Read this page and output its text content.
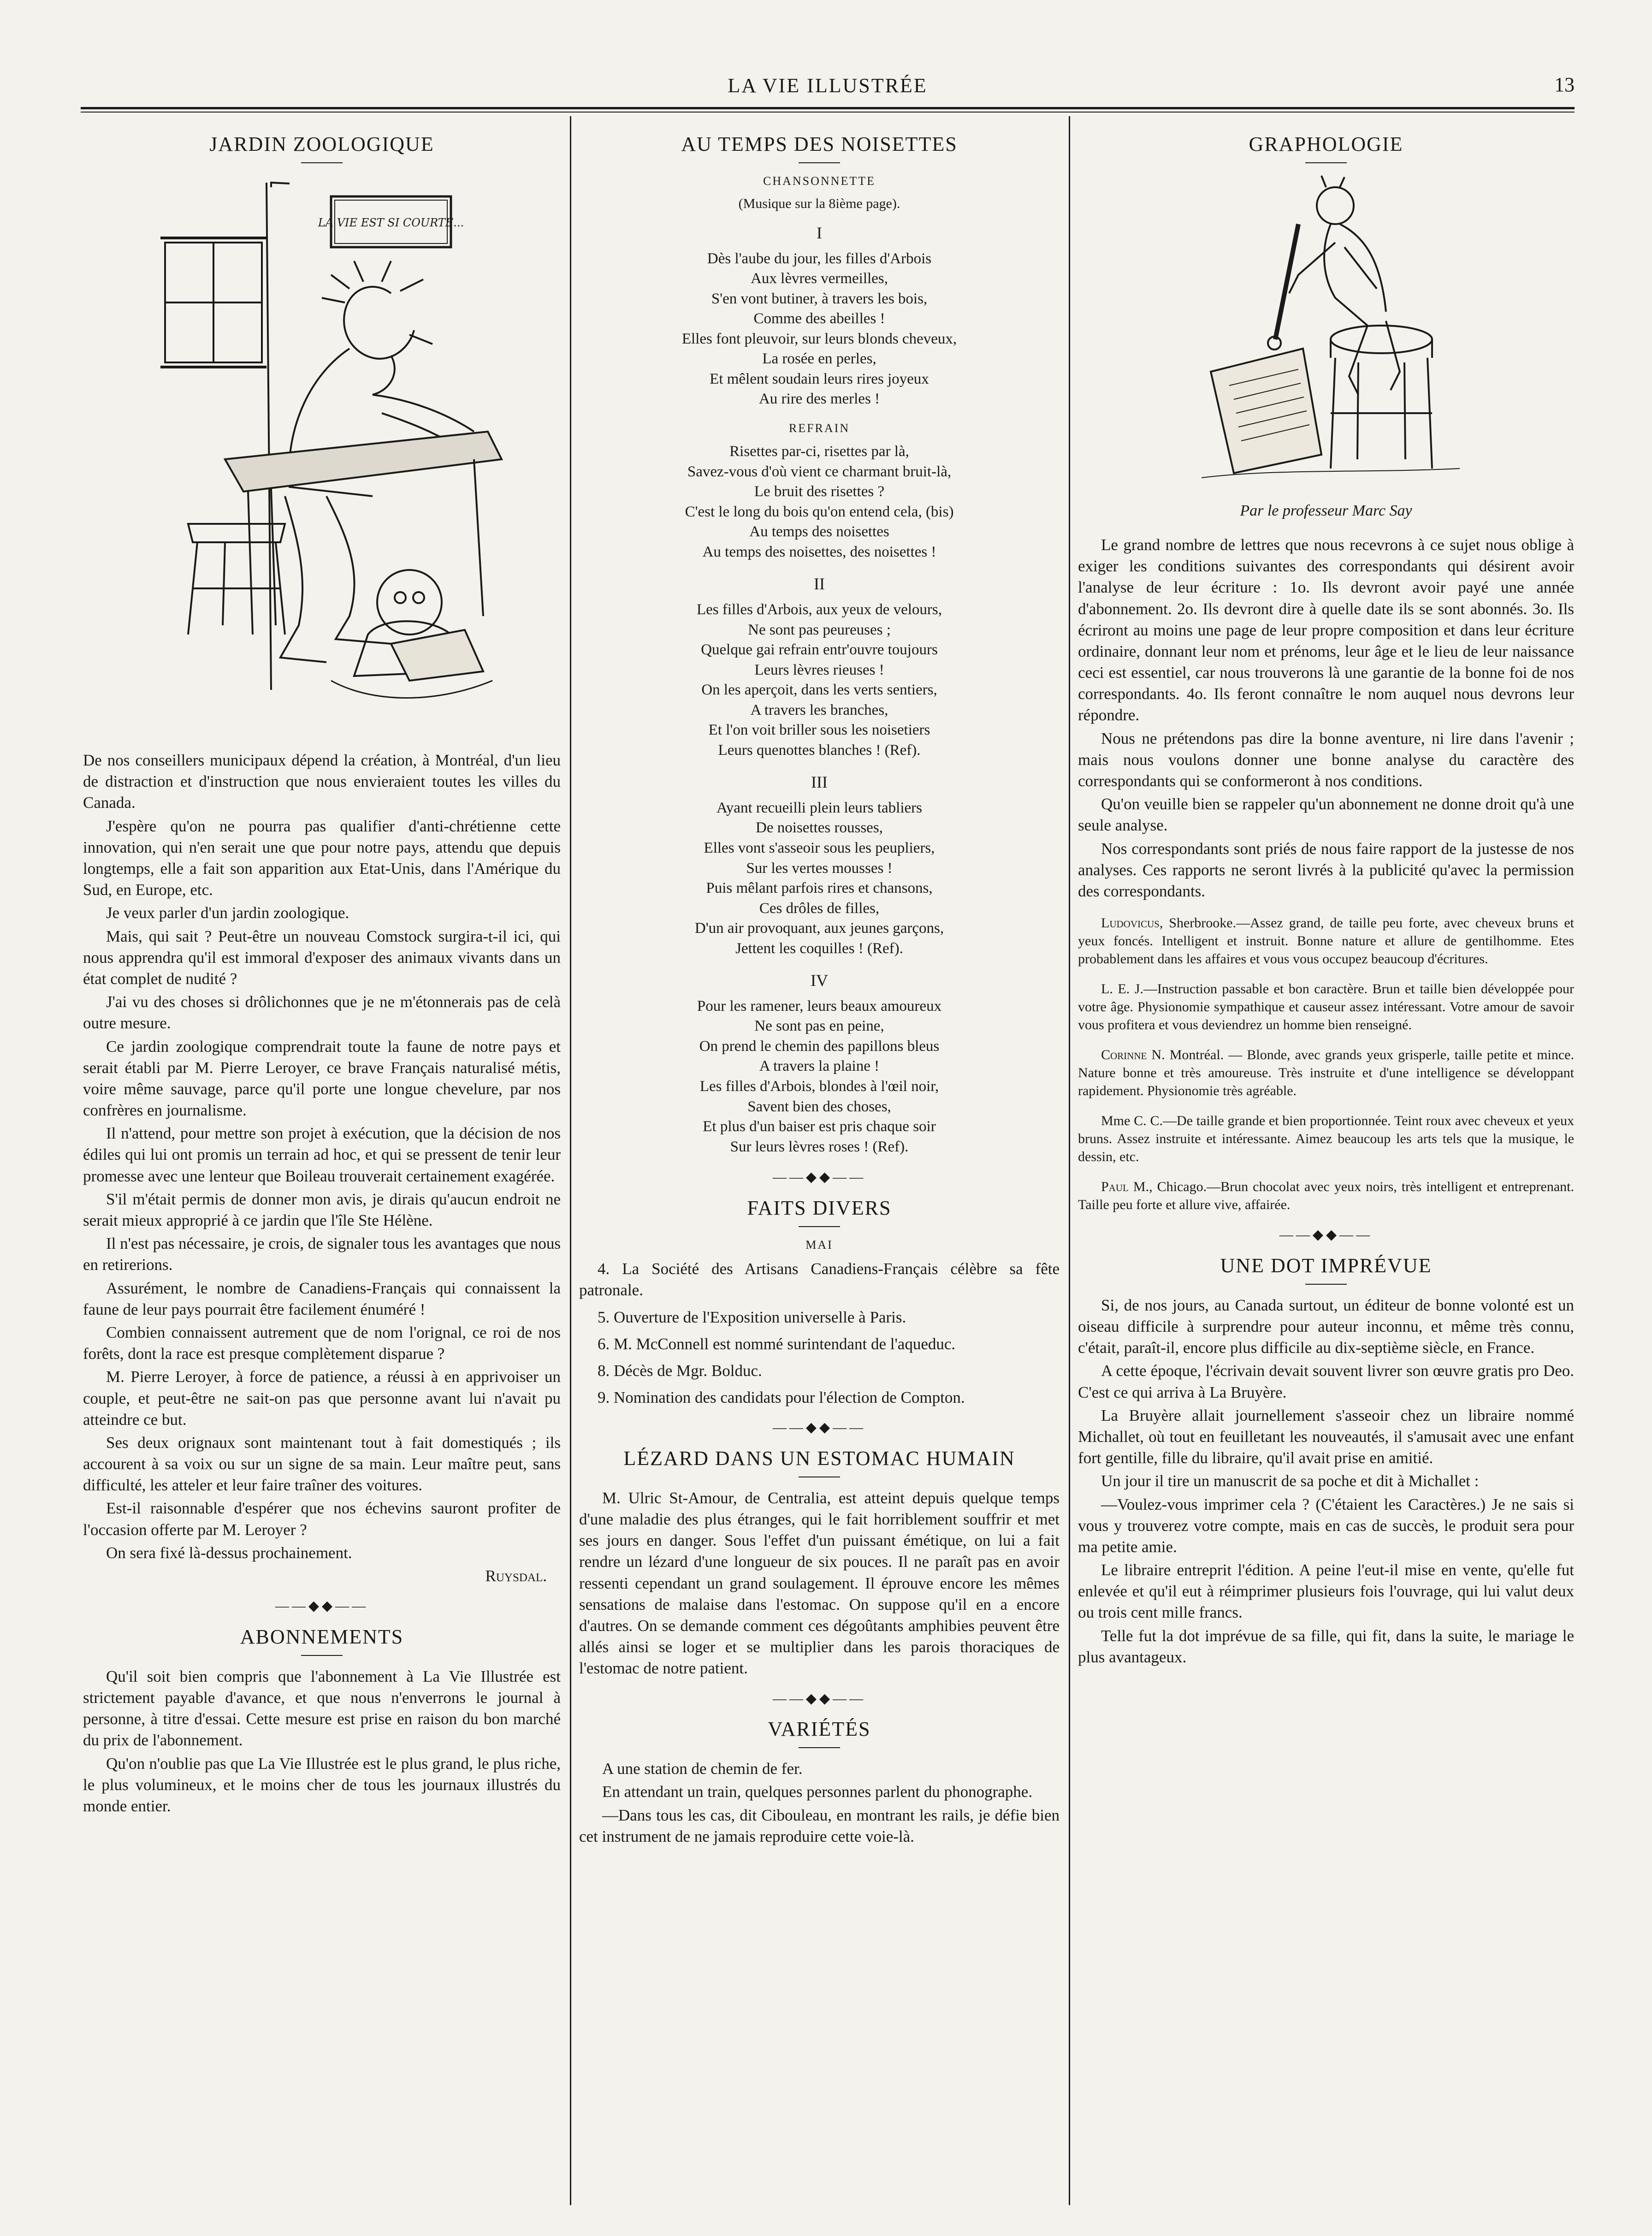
LA VIE ILLUSTRÉE	13
JARDIN ZOOLOGIQUE
LA VIE EST SI COURTE...

De nos conseillers municipaux dépend la création, à Montréal, d'un lieu de distraction et d'instruction que nous envieraient toutes les villes du Canada.

J'espère qu'on ne pourra pas qualifier d'anti-chrétienne cette innovation, qui n'en serait une que pour notre pays, attendu que depuis longtemps, elle a fait son apparition aux Etat-Unis, dans l'Amérique du Sud, en Europe, etc.

Je veux parler d'un jardin zoologique.

Mais, qui sait ? Peut-être un nouveau Comstock surgira-t-il ici, qui nous apprendra qu'il est immoral d'exposer des animaux vivants dans un état complet de nudité ?

J'ai vu des choses si drôlichonnes que je ne m'étonnerais pas de celà outre mesure.

Ce jardin zoologique comprendrait toute la faune de notre pays et serait établi par M. Pierre Leroyer, ce brave Français naturalisé métis, voire même sauvage, parce qu'il porte une longue chevelure, par nos confrères en journalisme.

Il n'attend, pour mettre son projet à exécution, que la décision de nos édiles qui lui ont promis un terrain ad hoc, et qui se pressent de tenir leur promesse avec une lenteur que Boileau trouverait certainement exagérée.

S'il m'était permis de donner mon avis, je dirais qu'aucun endroit ne serait mieux approprié à ce jardin que l'île Ste Hélène.

Il n'est pas nécessaire, je crois, de signaler tous les avantages que nous en retirerions.

Assurément, le nombre de Canadiens-Français qui connaissent la faune de leur pays pourrait être facilement énuméré !

Combien connaissent autrement que de nom l'orignal, ce roi de nos forêts, dont la race est presque complètement disparue ?

M. Pierre Leroyer, à force de patience, a réussi à en apprivoiser un couple, et peut-être ne sait-on pas que personne avant lui n'avait pu atteindre ce but.

Ses deux orignaux sont maintenant tout à fait domestiqués ; ils accourent à sa voix ou sur un signe de sa main. Leur maître peut, sans difficulté, les atteler et leur faire traîner des voitures.

Est-il raisonnable d'espérer que nos échevins sauront profiter de l'occasion offerte par M. Leroyer ?

On sera fixé là-dessus prochainement.

Ruysdal.
——◆◆——
ABONNEMENTS

Qu'il soit bien compris que l'abonnement à La Vie Illustrée est strictement payable d'avance, et que nous n'enverrons le journal à personne, à titre d'essai. Cette mesure est prise en raison du bon marché du prix de l'abonnement.

Qu'on n'oublie pas que La Vie Illustrée est le plus grand, le plus riche, le plus volumineux, et le moins cher de tous les journaux illustrés du monde entier.

AU TEMPS DES NOISETTES
CHANSONNETTE
(Musique sur la 8ième page).
I
Dès l'aube du jour, les filles d'Arbois
Aux lèvres vermeilles,
S'en vont butiner, à travers les bois,
Comme des abeilles !
Elles font pleuvoir, sur leurs blonds cheveux,
La rosée en perles,
Et mêlent soudain leurs rires joyeux
Au rire des merles !
REFRAIN
Risettes par-ci, risettes par là,
Savez-vous d'où vient ce charmant bruit-là,
Le bruit des risettes ?
C'est le long du bois qu'on entend cela, (bis)
Au temps des noisettes
Au temps des noisettes, des noisettes !
II
Les filles d'Arbois, aux yeux de velours,
Ne sont pas peureuses ;
Quelque gai refrain entr'ouvre toujours
Leurs lèvres rieuses !
On les aperçoit, dans les verts sentiers,
A travers les branches,
Et l'on voit briller sous les noisetiers
Leurs quenottes blanches ! (Ref).
III
Ayant recueilli plein leurs tabliers
De noisettes rousses,
Elles vont s'asseoir sous les peupliers,
Sur les vertes mousses !
Puis mêlant parfois rires et chansons,
Ces drôles de filles,
D'un air provoquant, aux jeunes garçons,
Jettent les coquilles ! (Ref).
IV
Pour les ramener, leurs beaux amoureux
Ne sont pas en peine,
On prend le chemin des papillons bleus
A travers la plaine !
Les filles d'Arbois, blondes à l'œil noir,
Savent bien des choses,
Et plus d'un baiser est pris chaque soir
Sur leurs lèvres roses ! (Ref).
——◆◆——
FAITS DIVERS
MAI
4. La Société des Artisans Canadiens-Français célèbre sa fête patronale.
5. Ouverture de l'Exposition universelle à Paris.
6. M. McConnell est nommé surintendant de l'aqueduc.
8. Décès de Mgr. Bolduc.
9. Nomination des candidats pour l'élection de Compton.
——◆◆——
LÉZARD DANS UN ESTOMAC HUMAIN

M. Ulric St-Amour, de Centralia, est atteint depuis quelque temps d'une maladie des plus étranges, qui le fait horriblement souffrir et met ses jours en danger. Sous l'effet d'un puissant émétique, on lui a fait rendre un lézard d'une longueur de six pouces. Il ne paraît pas en avoir ressenti cependant un grand soulagement. Il éprouve encore les mêmes sensations de malaise dans l'estomac. On suppose qu'il en a encore d'autres. On se demande comment ces dégoûtants amphibies peuvent être allés ainsi se loger et se multiplier dans les parois thoraciques de l'estomac de notre patient.

——◆◆——
VARIÉTÉS

A une station de chemin de fer.

En attendant un train, quelques personnes parlent du phonographe.

—Dans tous les cas, dit Cibouleau, en montrant les rails, je défie bien cet instrument de ne jamais reproduire cette voie-là.

GRAPHOLOGIE
Par le professeur Marc Say

Le grand nombre de lettres que nous recevrons à ce sujet nous oblige à exiger les conditions suivantes des correspondants qui désirent avoir l'analyse de leur écriture : 1o. Ils devront avoir payé une année d'abonnement. 2o. Ils devront dire à quelle date ils se sont abonnés. 3o. Ils écriront au moins une page de leur propre composition et dans leur écriture ordinaire, donnant leur nom et prénoms, leur âge et le lieu de leur naissance ceci est essentiel, car nous trouverons là une garantie de la bonne foi de nos correspondants. 4o. Ils feront connaître le nom auquel nous devrons leur répondre.

Nous ne prétendons pas dire la bonne aventure, ni lire dans l'avenir ; mais nous voulons donner une bonne analyse du caractère des correspondants qui se conformeront à nos conditions.

Qu'on veuille bien se rappeler qu'un abonnement ne donne droit qu'à une seule analyse.

Nos correspondants sont priés de nous faire rapport de la justesse de nos analyses. Ces rapports ne seront livrés à la publicité qu'avec la permission des correspondants.

Ludovicus, Sherbrooke.—Assez grand, de taille peu forte, avec cheveux bruns et yeux foncés. Intelligent et instruit. Bonne nature et allure de gentilhomme. Etes probablement dans les affaires et vous vous occupez beaucoup d'écritures.
L. E. J.—Instruction passable et bon caractère. Brun et taille bien développée pour votre âge. Physionomie sympathique et causeur assez intéressant. Votre amour de savoir vous profitera et vous deviendrez un homme bien renseigné.
Corinne N. Montréal. — Blonde, avec grands yeux grisperle, taille petite et mince. Nature bonne et très amoureuse. Très instruite et d'une intelligence se développant rapidement. Physionomie très agréable.
Mme C. C.—De taille grande et bien proportionnée. Teint roux avec cheveux et yeux bruns. Assez instruite et intéressante. Aimez beaucoup les arts tels que la musique, le dessin, etc.
Paul M., Chicago.—Brun chocolat avec yeux noirs, très intelligent et entreprenant. Taille peu forte et allure vive, affairée.
——◆◆——
UNE DOT IMPRÉVUE

Si, de nos jours, au Canada surtout, un éditeur de bonne volonté est un oiseau difficile à surprendre pour auteur inconnu, et même très connu, c'était, paraît-il, encore plus difficile au dix-septième siècle, en France.

A cette époque, l'écrivain devait souvent livrer son œuvre gratis pro Deo. C'est ce qui arriva à La Bruyère.

La Bruyère allait journellement s'asseoir chez un libraire nommé Michallet, où tout en feuilletant les nouveautés, il s'amusait avec une enfant fort gentille, fille du libraire, qu'il avait prise en amitié.

Un jour il tire un manuscrit de sa poche et dit à Michallet :

—Voulez-vous imprimer cela ? (C'étaient les Caractères.) Je ne sais si vous y trouverez votre compte, mais en cas de succès, le produit sera pour ma petite amie.

Le libraire entreprit l'édition. A peine l'eut-il mise en vente, qu'elle fut enlevée et qu'il eut à réimprimer plusieurs fois l'ouvrage, qui lui valut deux ou trois cent mille francs.

Telle fut la dot imprévue de sa fille, qui fit, dans la suite, le mariage le plus avantageux.
